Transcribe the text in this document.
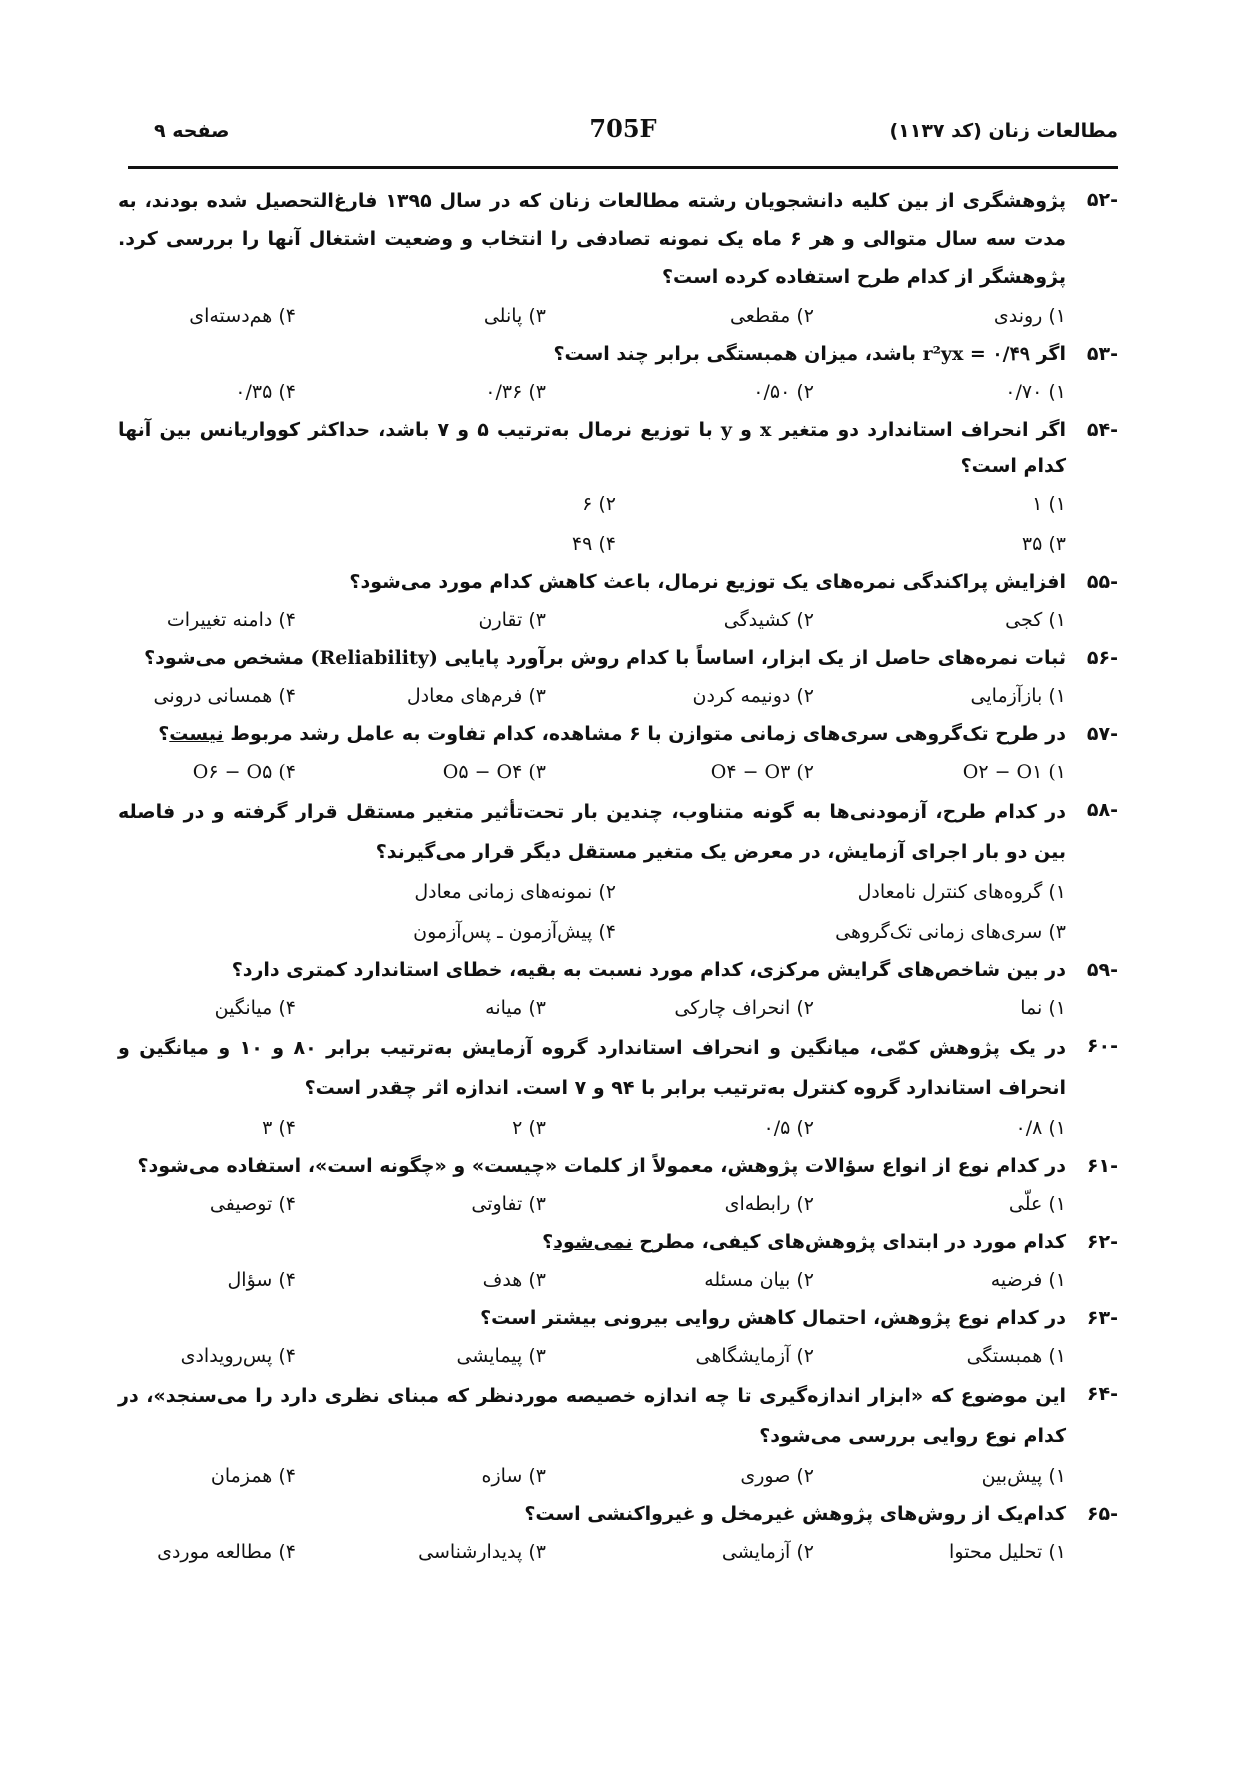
مطالعات زنان (کد ۱۱۳۷)
705F
صفحه ۹
-۵۲
پژوهشگری از بین کلیه دانشجویان رشته مطالعات زنان که در سال ۱۳۹۵ فارغ‌التحصیل شده بودند، به مدت سه سال متوالی و هر ۶ ماه یک نمونه تصادفی را انتخاب و وضعیت اشتغال آنها را بررسی کرد. پژوهشگر از کدام طرح استفاده کرده است؟
۱) روندی
۲) مقطعی
۳) پانلی
۴) هم‌دسته‌ای
-۵۳
اگر r²yx = ۰/۴۹ باشد، میزان همبستگی برابر چند است؟
۱) ۰/۷۰
۲) ۰/۵۰
۳) ۰/۳۶
۴) ۰/۳۵
-۵۴
اگر انحراف استاندارد دو متغیر x و y با توزیع نرمال به‌ترتیب ۵ و ۷ باشد، حداکثر کوواریانس بین آنها کدام است؟
۱) ۱
۲) ۶
۳) ۳۵
۴) ۴۹
-۵۵
افزایش پراکندگی نمره‌های یک توزیع نرمال، باعث کاهش کدام مورد می‌شود؟
۱) کجی
۲) کشیدگی
۳) تقارن
۴) دامنه تغییرات
-۵۶
ثبات نمره‌های حاصل از یک ابزار، اساساً با کدام روش برآورد پایایی (Reliability) مشخص می‌شود؟
۱) بازآزمایی
۲) دونیمه کردن
۳) فرم‌های معادل
۴) همسانی درونی
-۵۷
در طرح تک‌گروهی سری‌های زمانی متوازن با ۶ مشاهده، کدام تفاوت به عامل رشد مربوط نیست؟
۱) O۲ − O۱
۲) O۴ − O۳
۳) O۵ − O۴
۴) O۶ − O۵
-۵۸
در کدام طرح، آزمودنی‌ها به گونه متناوب، چندین بار تحت‌تأثیر متغیر مستقل قرار گرفته و در فاصله بین دو بار اجرای آزمایش، در معرض یک متغیر مستقل دیگر قرار می‌گیرند؟
۱) گروه‌های کنترل نامعادل
۲) نمونه‌های زمانی معادل
۳) سری‌های زمانی تک‌گروهی
۴) پیش‌آزمون ـ پس‌آزمون
-۵۹
در بین شاخص‌های گرایش مرکزی، کدام مورد نسبت به بقیه، خطای استاندارد کمتری دارد؟
۱) نما
۲) انحراف چارکی
۳) میانه
۴) میانگین
-۶۰
در یک پژوهش کمّی، میانگین و انحراف استاندارد گروه آزمایش به‌ترتیب برابر ۸۰ و ۱۰ و میانگین و انحراف استاندارد گروه کنترل به‌ترتیب برابر با ۹۴ و ۷ است. اندازه اثر چقدر است؟
۱) ۰/۸
۲) ۰/۵
۳) ۲
۴) ۳
-۶۱
در کدام نوع از انواع سؤالات پژوهش، معمولاً از کلمات «چیست» و «چگونه است»، استفاده می‌شود؟
۱) علّی
۲) رابطه‌ای
۳) تفاوتی
۴) توصیفی
-۶۲
کدام مورد در ابتدای پژوهش‌های کیفی، مطرح نمی‌شود؟
۱) فرضیه
۲) بیان مسئله
۳) هدف
۴) سؤال
-۶۳
در کدام نوع پژوهش، احتمال کاهش روایی بیرونی بیشتر است؟
۱) همبستگی
۲) آزمایشگاهی
۳) پیمایشی
۴) پس‌رویدادی
-۶۴
این موضوع که «ابزار اندازه‌گیری تا چه اندازه خصیصه موردنظر که مبنای نظری دارد را می‌سنجد»، در کدام نوع روایی بررسی می‌شود؟
۱) پیش‌بین
۲) صوری
۳) سازه
۴) همزمان
-۶۵
کدام‌یک از روش‌های پژوهش غیرمخل و غیرواکنشی است؟
۱) تحلیل محتوا
۲) آزمایشی
۳) پدیدارشناسی
۴) مطالعه موردی
